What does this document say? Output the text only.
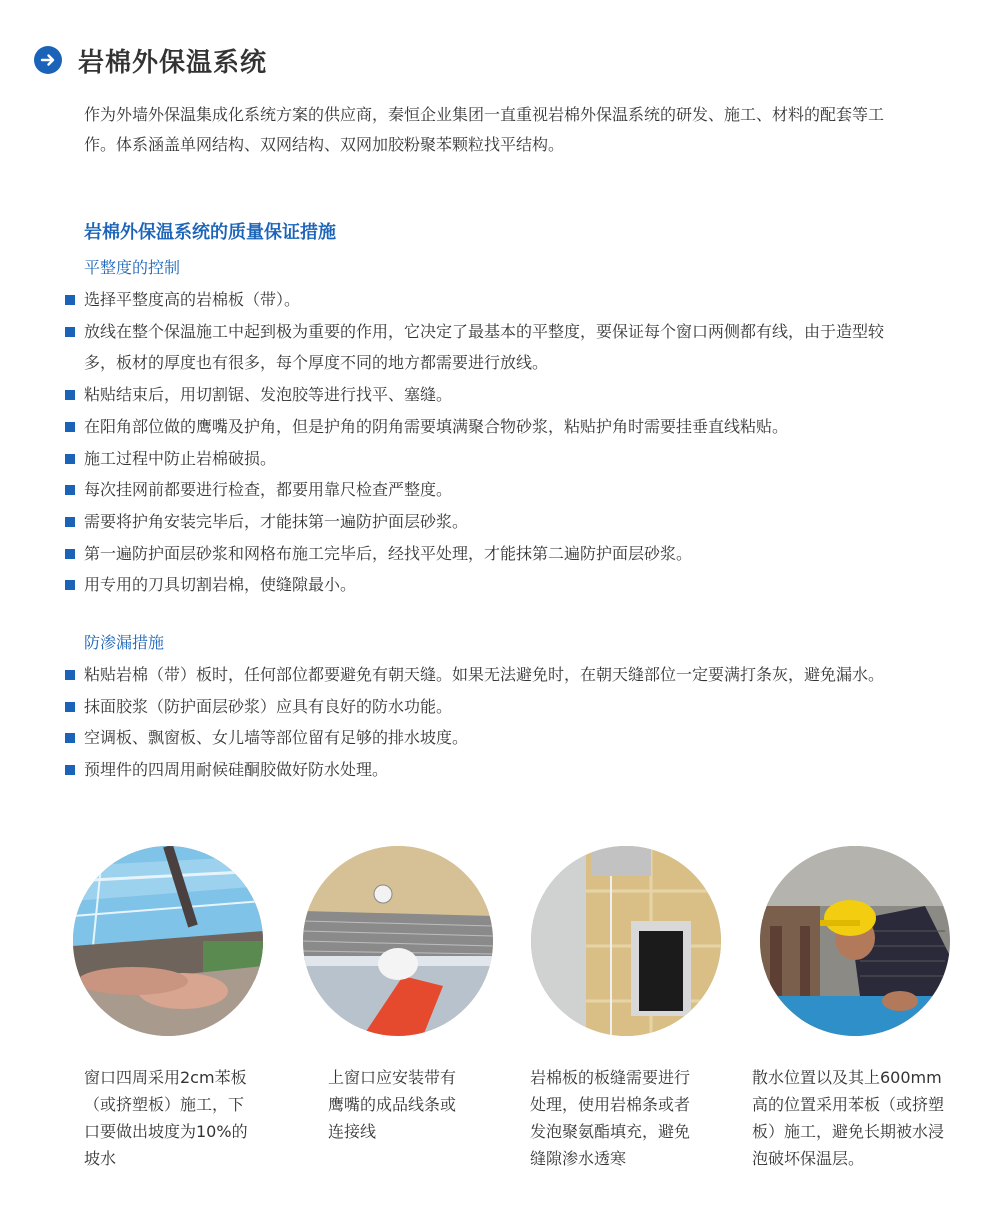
岩棉外保温系统
作为外墙外保温集成化系统方案的供应商，秦恒企业集团一直重视岩棉外保温系统的研发、施工、材料的配套等工
作。体系涵盖单网结构、双网结构、双网加胶粉聚苯颗粒找平结构。
岩棉外保温系统的质量保证措施
平整度的控制
选择平整度高的岩棉板（带）。
放线在整个保温施工中起到极为重要的作用，它决定了最基本的平整度，要保证每个窗口两侧都有线，由于造型较
多，板材的厚度也有很多，每个厚度不同的地方都需要进行放线。
粘贴结束后，用切割锯、发泡胶等进行找平、塞缝。
在阳角部位做的鹰嘴及护角，但是护角的阴角需要填满聚合物砂浆，粘贴护角时需要挂垂直线粘贴。
施工过程中防止岩棉破损。
每次挂网前都要进行检查，都要用靠尺检查严整度。
需要将护角安装完毕后，才能抹第一遍防护面层砂浆。
第一遍防护面层砂浆和网格布施工完毕后，经找平处理，才能抹第二遍防护面层砂浆。
用专用的刀具切割岩棉，使缝隙最小。
防渗漏措施
粘贴岩棉（带）板时，任何部位都要避免有朝天缝。如果无法避免时，在朝天缝部位一定要满打条灰，避免漏水。
抹面胶浆（防护面层砂浆）应具有良好的防水功能。
空调板、飘窗板、女儿墙等部位留有足够的排水坡度。
预埋件的四周用耐候硅酮胶做好防水处理。
窗口四周采用2cm苯板
（或挤塑板）施工，下
口要做出坡度为10%的
坡水
上窗口应安装带有
鹰嘴的成品线条或
连接线
岩棉板的板缝需要进行
处理，使用岩棉条或者
发泡聚氨酯填充，避免
缝隙渗水透寒
散水位置以及其上600mm
高的位置采用苯板（或挤塑
板）施工，避免长期被水浸
泡破坏保温层。
